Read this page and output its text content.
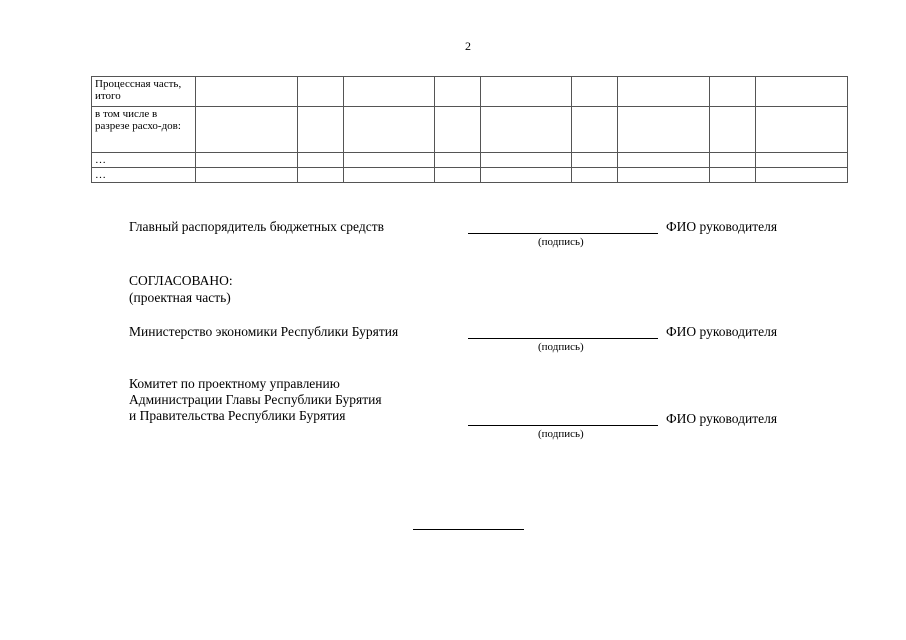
2
Процессная часть, итого									
в том числе в разрезе расхо-дов:									
…									
…									
Главный распорядитель бюджетных средств	ФИО руководителя
(подпись)
СОГЛАСОВАНО:
(проектная часть)
Министерство экономики Республики Бурятия	ФИО руководителя
(подпись)
Комитет по проектному управлению
Администрации Главы Республики Бурятия
и Правительства Республики Бурятия	ФИО руководителя
(подпись)
